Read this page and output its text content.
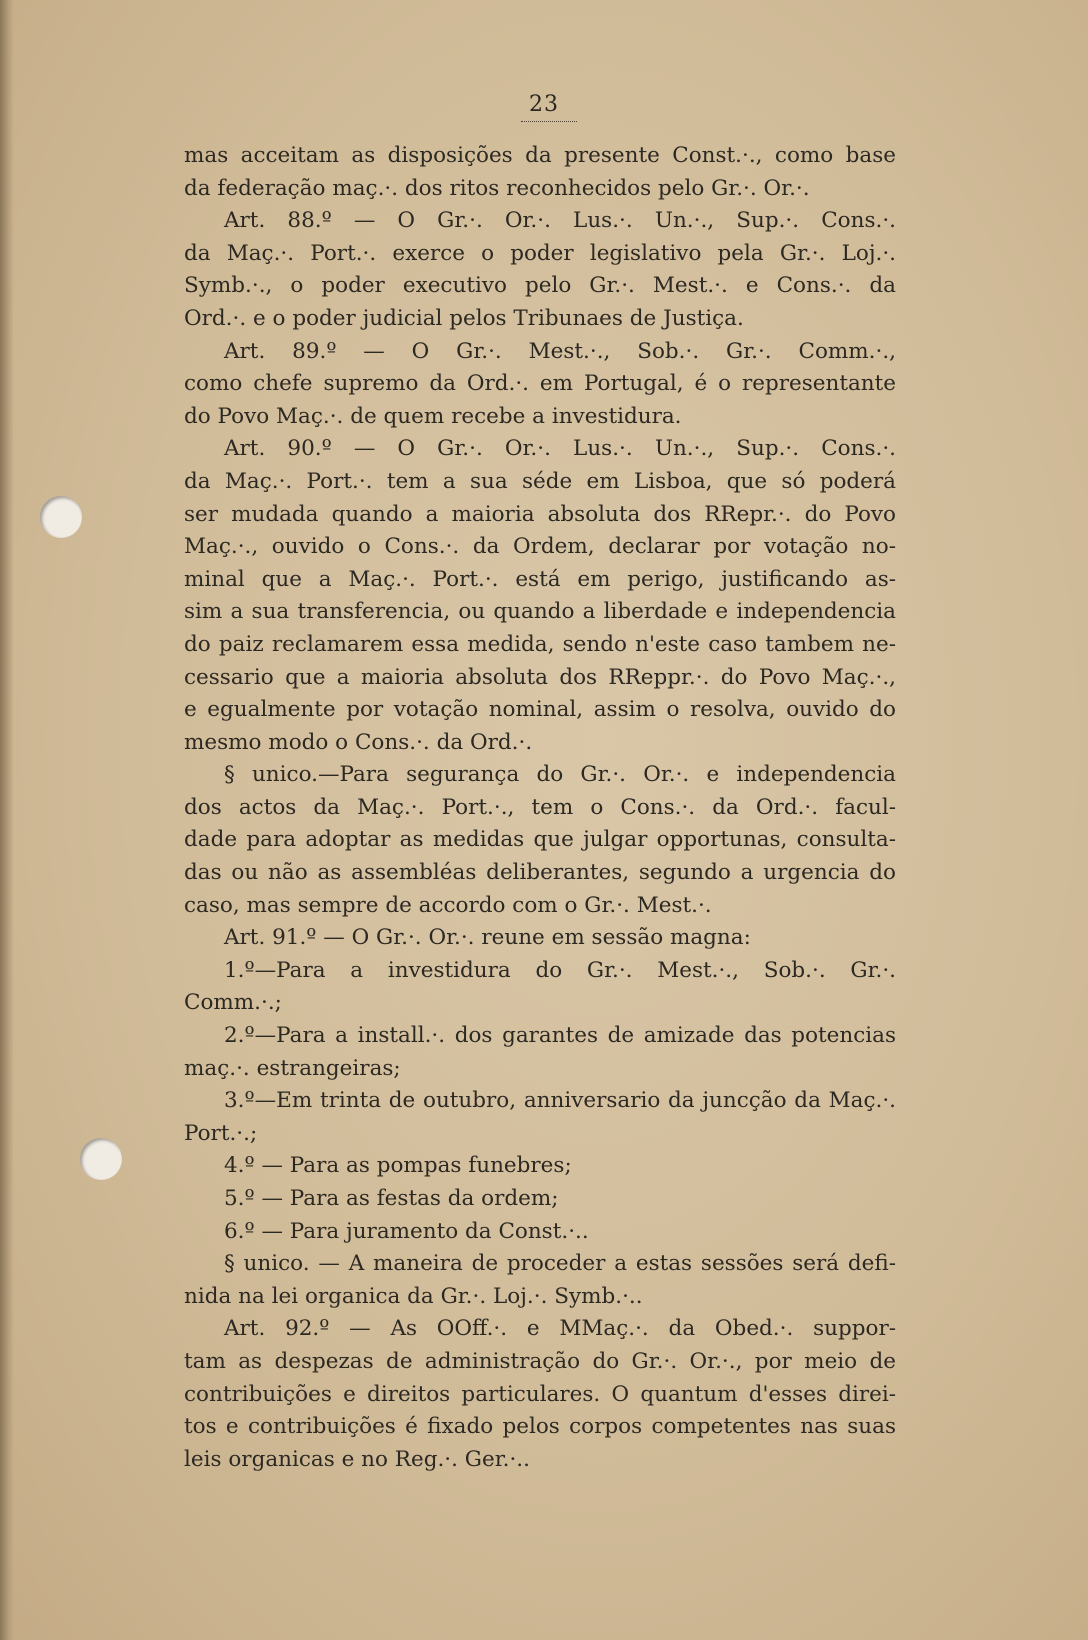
23
mas acceitam as disposições da presente Const.·., como base
da federação maç.·. dos ritos reconhecidos pelo Gr.·. Or.·.
Art. 88.º — O Gr.·. Or.·. Lus.·. Un.·., Sup.·. Cons.·.
da Maç.·. Port.·. exerce o poder legislativo pela Gr.·. Loj.·.
Symb.·., o poder executivo pelo Gr.·. Mest.·. e Cons.·. da
Ord.·. e o poder judicial pelos Tribunaes de Justiça.
Art. 89.º — O Gr.·. Mest.·., Sob.·. Gr.·. Comm.·.,
como chefe supremo da Ord.·. em Portugal, é o representante
do Povo Maç.·. de quem recebe a investidura.
Art. 90.º — O Gr.·. Or.·. Lus.·. Un.·., Sup.·. Cons.·.
da Maç.·. Port.·. tem a sua séde em Lisboa, que só poderá
ser mudada quando a maioria absoluta dos RRepr.·. do Povo
Maç.·., ouvido o Cons.·. da Ordem, declarar por votação no-
minal que a Maç.·. Port.·. está em perigo, justificando as-
sim a sua transferencia, ou quando a liberdade e independencia
do paiz reclamarem essa medida, sendo n'este caso tambem ne-
cessario que a maioria absoluta dos RReppr.·. do Povo Maç.·.,
e egualmente por votação nominal, assim o resolva, ouvido do
mesmo modo o Cons.·. da Ord.·.
§ unico.—Para segurança do Gr.·. Or.·. e independencia
dos actos da Maç.·. Port.·., tem o Cons.·. da Ord.·. facul-
dade para adoptar as medidas que julgar opportunas, consulta-
das ou não as assembléas deliberantes, segundo a urgencia do
caso, mas sempre de accordo com o Gr.·. Mest.·.
Art. 91.º — O Gr.·. Or.·. reune em sessão magna:
1.º—Para a investidura do Gr.·. Mest.·., Sob.·. Gr.·.
Comm.·.;
2.º—Para a install.·. dos garantes de amizade das potencias
maç.·. estrangeiras;
3.º—Em trinta de outubro, anniversario da juncção da Maç.·.
Port.·.;
4.º — Para as pompas funebres;
5.º — Para as festas da ordem;
6.º — Para juramento da Const.·..
§ unico. — A maneira de proceder a estas sessões será defi-
nida na lei organica da Gr.·. Loj.·. Symb.·..
Art. 92.º — As OOff.·. e MMaç.·. da Obed.·. suppor-
tam as despezas de administração do Gr.·. Or.·., por meio de
contribuições e direitos particulares. O quantum d'esses direi-
tos e contribuições é fixado pelos corpos competentes nas suas
leis organicas e no Reg.·. Ger.·..
